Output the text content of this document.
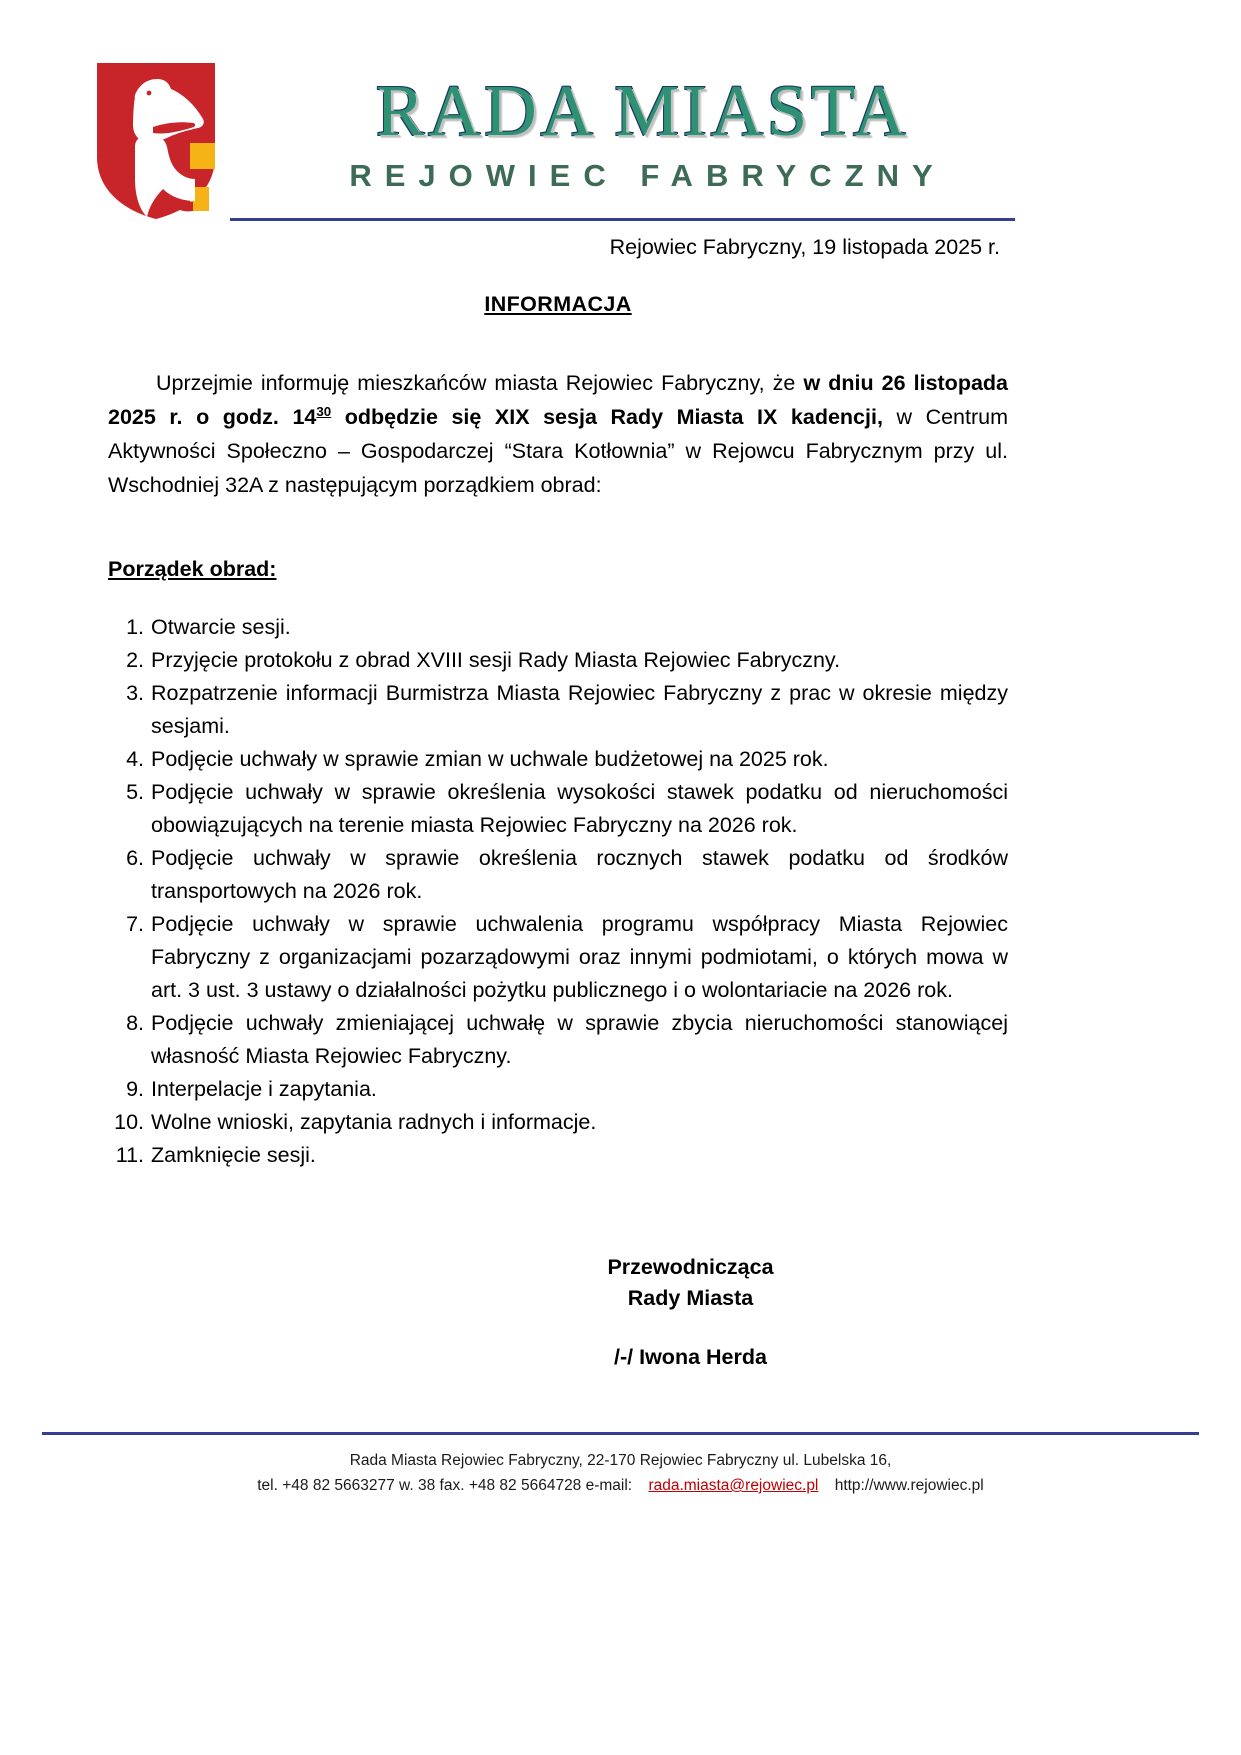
RADA MIASTA
REJOWIEC FABRYCZNY
Rejowiec Fabryczny, 19 listopada 2025 r.
INFORMACJA

Uprzejmie informuję mieszkańców miasta Rejowiec Fabryczny, że w dniu 26 listopada 2025 r. o godz. $14^{30}$ odbędzie się XIX sesja Rady Miasta IX kadencji, w Centrum Aktywności Społeczno – Gospodarczej “Stara Kotłownia” w Rejowcu Fabrycznym przy ul. Wschodniej 32A z następującym porządkiem obrad:

Porządek obrad:
1. Otwarcie sesji.
2. Przyjęcie protokołu z obrad XVIII sesji Rady Miasta Rejowiec Fabryczny.
3. Rozpatrzenie informacji Burmistrza Miasta Rejowiec Fabryczny z prac w okresie między sesjami.
4. Podjęcie uchwały w sprawie zmian w uchwale budżetowej na 2025 rok.
5. Podjęcie uchwały w sprawie określenia wysokości stawek podatku od nieruchomości obowiązujących na terenie miasta Rejowiec Fabryczny na 2026 rok.
6. Podjęcie uchwały w sprawie określenia rocznych stawek podatku od środków transportowych na 2026 rok.
7. Podjęcie uchwały w sprawie uchwalenia programu współpracy Miasta Rejowiec Fabryczny z organizacjami pozarządowymi oraz innymi podmiotami, o których mowa w art. 3 ust. 3 ustawy o działalności pożytku publicznego i o wolontariacie na 2026 rok.
8. Podjęcie uchwały zmieniającej uchwałę w sprawie zbycia nieruchomości stanowiącej własność Miasta Rejowiec Fabryczny.
9. Interpelacje i zapytania.
10. Wolne wnioski, zapytania radnych i informacje.
11. Zamknięcie sesji.
Przewodnicząca
Rady Miasta
/-/ Iwona Herda
Rada Miasta Rejowiec Fabryczny, 22-170 Rejowiec Fabryczny ul. Lubelska 16,
tel. +48 82 5663277 w. 38 fax. +48 82 5664728 e-mail: rada.miasta@rejowiec.pl http://www.rejowiec.pl
